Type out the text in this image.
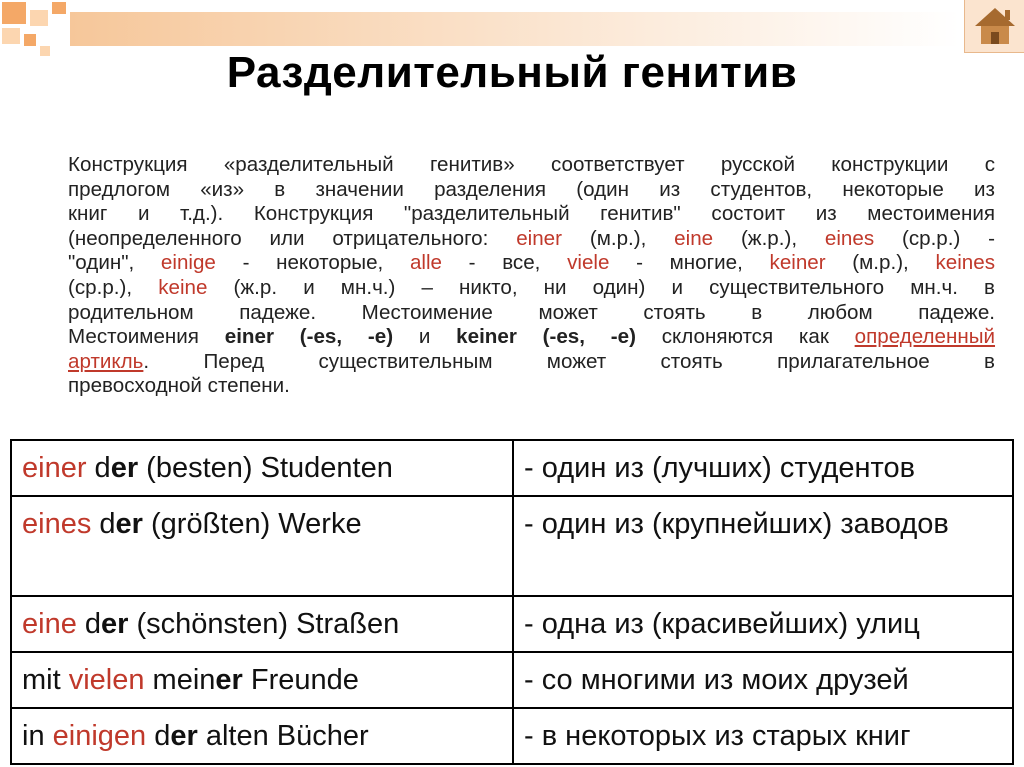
Разделительный генитив
Конструкция «разделительный генитив» соответствует русской конструкции с
предлогом «из» в значении разделения (один из студентов, некоторые из
книг и т.д.). Конструкция "разделительный генитив" состоит из местоимения
(неопределенного или отрицательного: einer (м.р.), eine (ж.р.), eines (ср.р.) -
"один", einige - некоторые, alle - все, viele - многие, keiner (м.р.), keines
(ср.р.), keine (ж.р. и мн.ч.) – никто, ни один) и существительного мн.ч. в
родительном падеже. Местоимение может стоять в любом падеже.
Местоимения einer (-es, -e) и keiner (-es, -e) склоняются как определенный
артикль. Перед существительным может стоять прилагательное в
превосходной степени.
einer der (besten) Studenten	- один из (лучших) студентов
eines der (größten) Werke	- один из (крупнейших) заводов
eine der (schönsten) Straßen	- одна из (красивейших) улиц
mit vielen meiner Freunde	- со многими из моих друзей
in einigen der alten Bücher	- в некоторых из старых книг
